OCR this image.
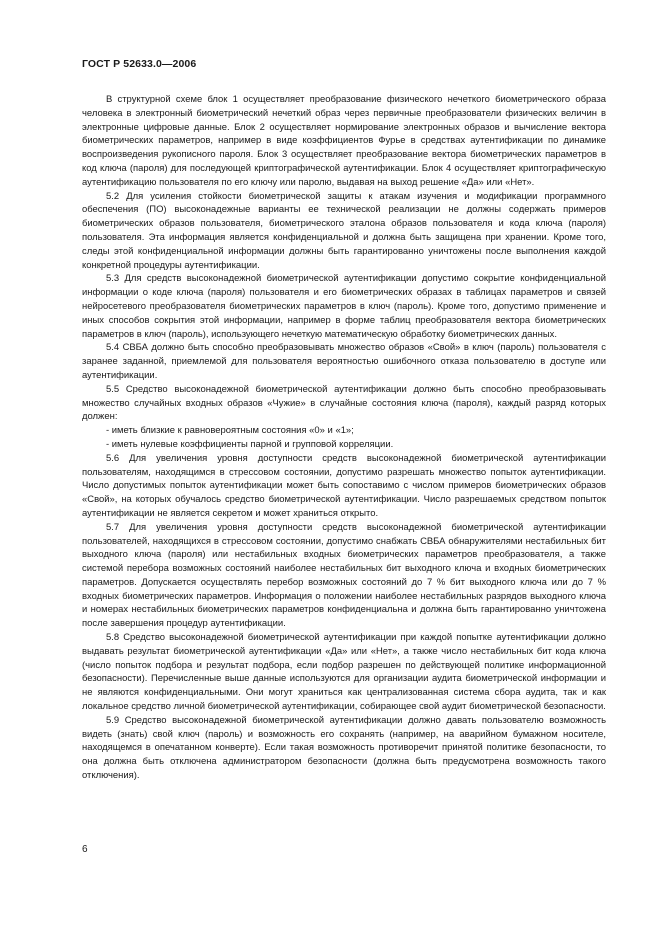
ГОСТ Р 52633.0—2006

В структурной схеме блок 1 осуществляет преобразование физического нечеткого биометрического образа человека в электронный биометрический нечеткий образ через первичные преобразователи физических величин в электронные цифровые данные. Блок 2 осуществляет нормирование электронных образов и вычисление вектора биометрических параметров, например в виде коэффициентов Фурье в средствах аутентификации по динамике воспроизведения рукописного пароля. Блок 3 осуществляет преобразование вектора биометрических параметров в код ключа (пароля) для последующей криптографической аутентификации. Блок 4 осуществляет криптографическую аутентификацию пользователя по его ключу или паролю, выдавая на выход решение «Да» или «Нет».

5.2 Для усиления стойкости биометрической защиты к атакам изучения и модификации программного обеспечения (ПО) высоконадежные варианты ее технической реализации не должны содержать примеров биометрических образов пользователя, биометрического эталона образов пользователя и кода ключа (пароля) пользователя. Эта информация является конфиденциальной и должна быть защищена при хранении. Кроме того, следы этой конфиденциальной информации должны быть гарантированно уничтожены после выполнения каждой конкретной процедуры аутентификации.

5.3 Для средств высоконадежной биометрической аутентификации допустимо сокрытие конфиденциальной информации о коде ключа (пароля) пользователя и его биометрических образах в таблицах параметров и связей нейросетевого преобразователя биометрических параметров в ключ (пароль). Кроме того, допустимо применение и иных способов сокрытия этой информации, например в форме таблиц преобразователя вектора биометрических параметров в ключ (пароль), использующего нечеткую математическую обработку биометрических данных.

5.4 СВБА должно быть способно преобразовывать множество образов «Свой» в ключ (пароль) пользователя с заранее заданной, приемлемой для пользователя вероятностью ошибочного отказа пользователю в доступе или аутентификации.

5.5 Средство высоконадежной биометрической аутентификации должно быть способно преобразовывать множество случайных входных образов «Чужие» в случайные состояния ключа (пароля), каждый разряд которых должен:

- иметь близкие к равновероятным состояния «0» и «1»;

- иметь нулевые коэффициенты парной и групповой корреляции.

5.6 Для увеличения уровня доступности средств высоконадежной биометрической аутентификации пользователям, находящимся в стрессовом состоянии, допустимо разрешать множество попыток аутентификации. Число допустимых попыток аутентификации может быть сопоставимо с числом примеров биометрических образов «Свой», на которых обучалось средство биометрической аутентификации. Число разрешаемых средством попыток аутентификации не является секретом и может храниться открыто.

5.7 Для увеличения уровня доступности средств высоконадежной биометрической аутентификации пользователей, находящихся в стрессовом состоянии, допустимо снабжать СВБА обнаружителями нестабильных бит выходного ключа (пароля) или нестабильных входных биометрических параметров преобразователя, а также системой перебора возможных состояний наиболее нестабильных бит выходного ключа и входных биометрических параметров. Допускается осуществлять перебор возможных состояний до 7 % бит выходного ключа или до 7 % входных биометрических параметров. Информация о положении наиболее нестабильных разрядов выходного ключа и номерах нестабильных биометрических параметров конфиденциальна и должна быть гарантированно уничтожена после завершения процедур аутентификации.

5.8 Средство высоконадежной биометрической аутентификации при каждой попытке аутентификации должно выдавать результат биометрической аутентификации «Да» или «Нет», а также число нестабильных бит кода ключа (число попыток подбора и результат подбора, если подбор разрешен по действующей политике информационной безопасности). Перечисленные выше данные используются для организации аудита биометрической информации и не являются конфиденциальными. Они могут храниться как централизованная система сбора аудита, так и как локальное средство личной биометрической аутентификации, собирающее свой аудит биометрической безопасности.

5.9 Средство высоконадежной биометрической аутентификации должно давать пользователю возможность видеть (знать) свой ключ (пароль) и возможность его сохранять (например, на аварийном бумажном носителе, находящемся в опечатанном конверте). Если такая возможность противоречит принятой политике безопасности, то она должна быть отключена администратором безопасности (должна быть предусмотрена возможность такого отключения).

6
